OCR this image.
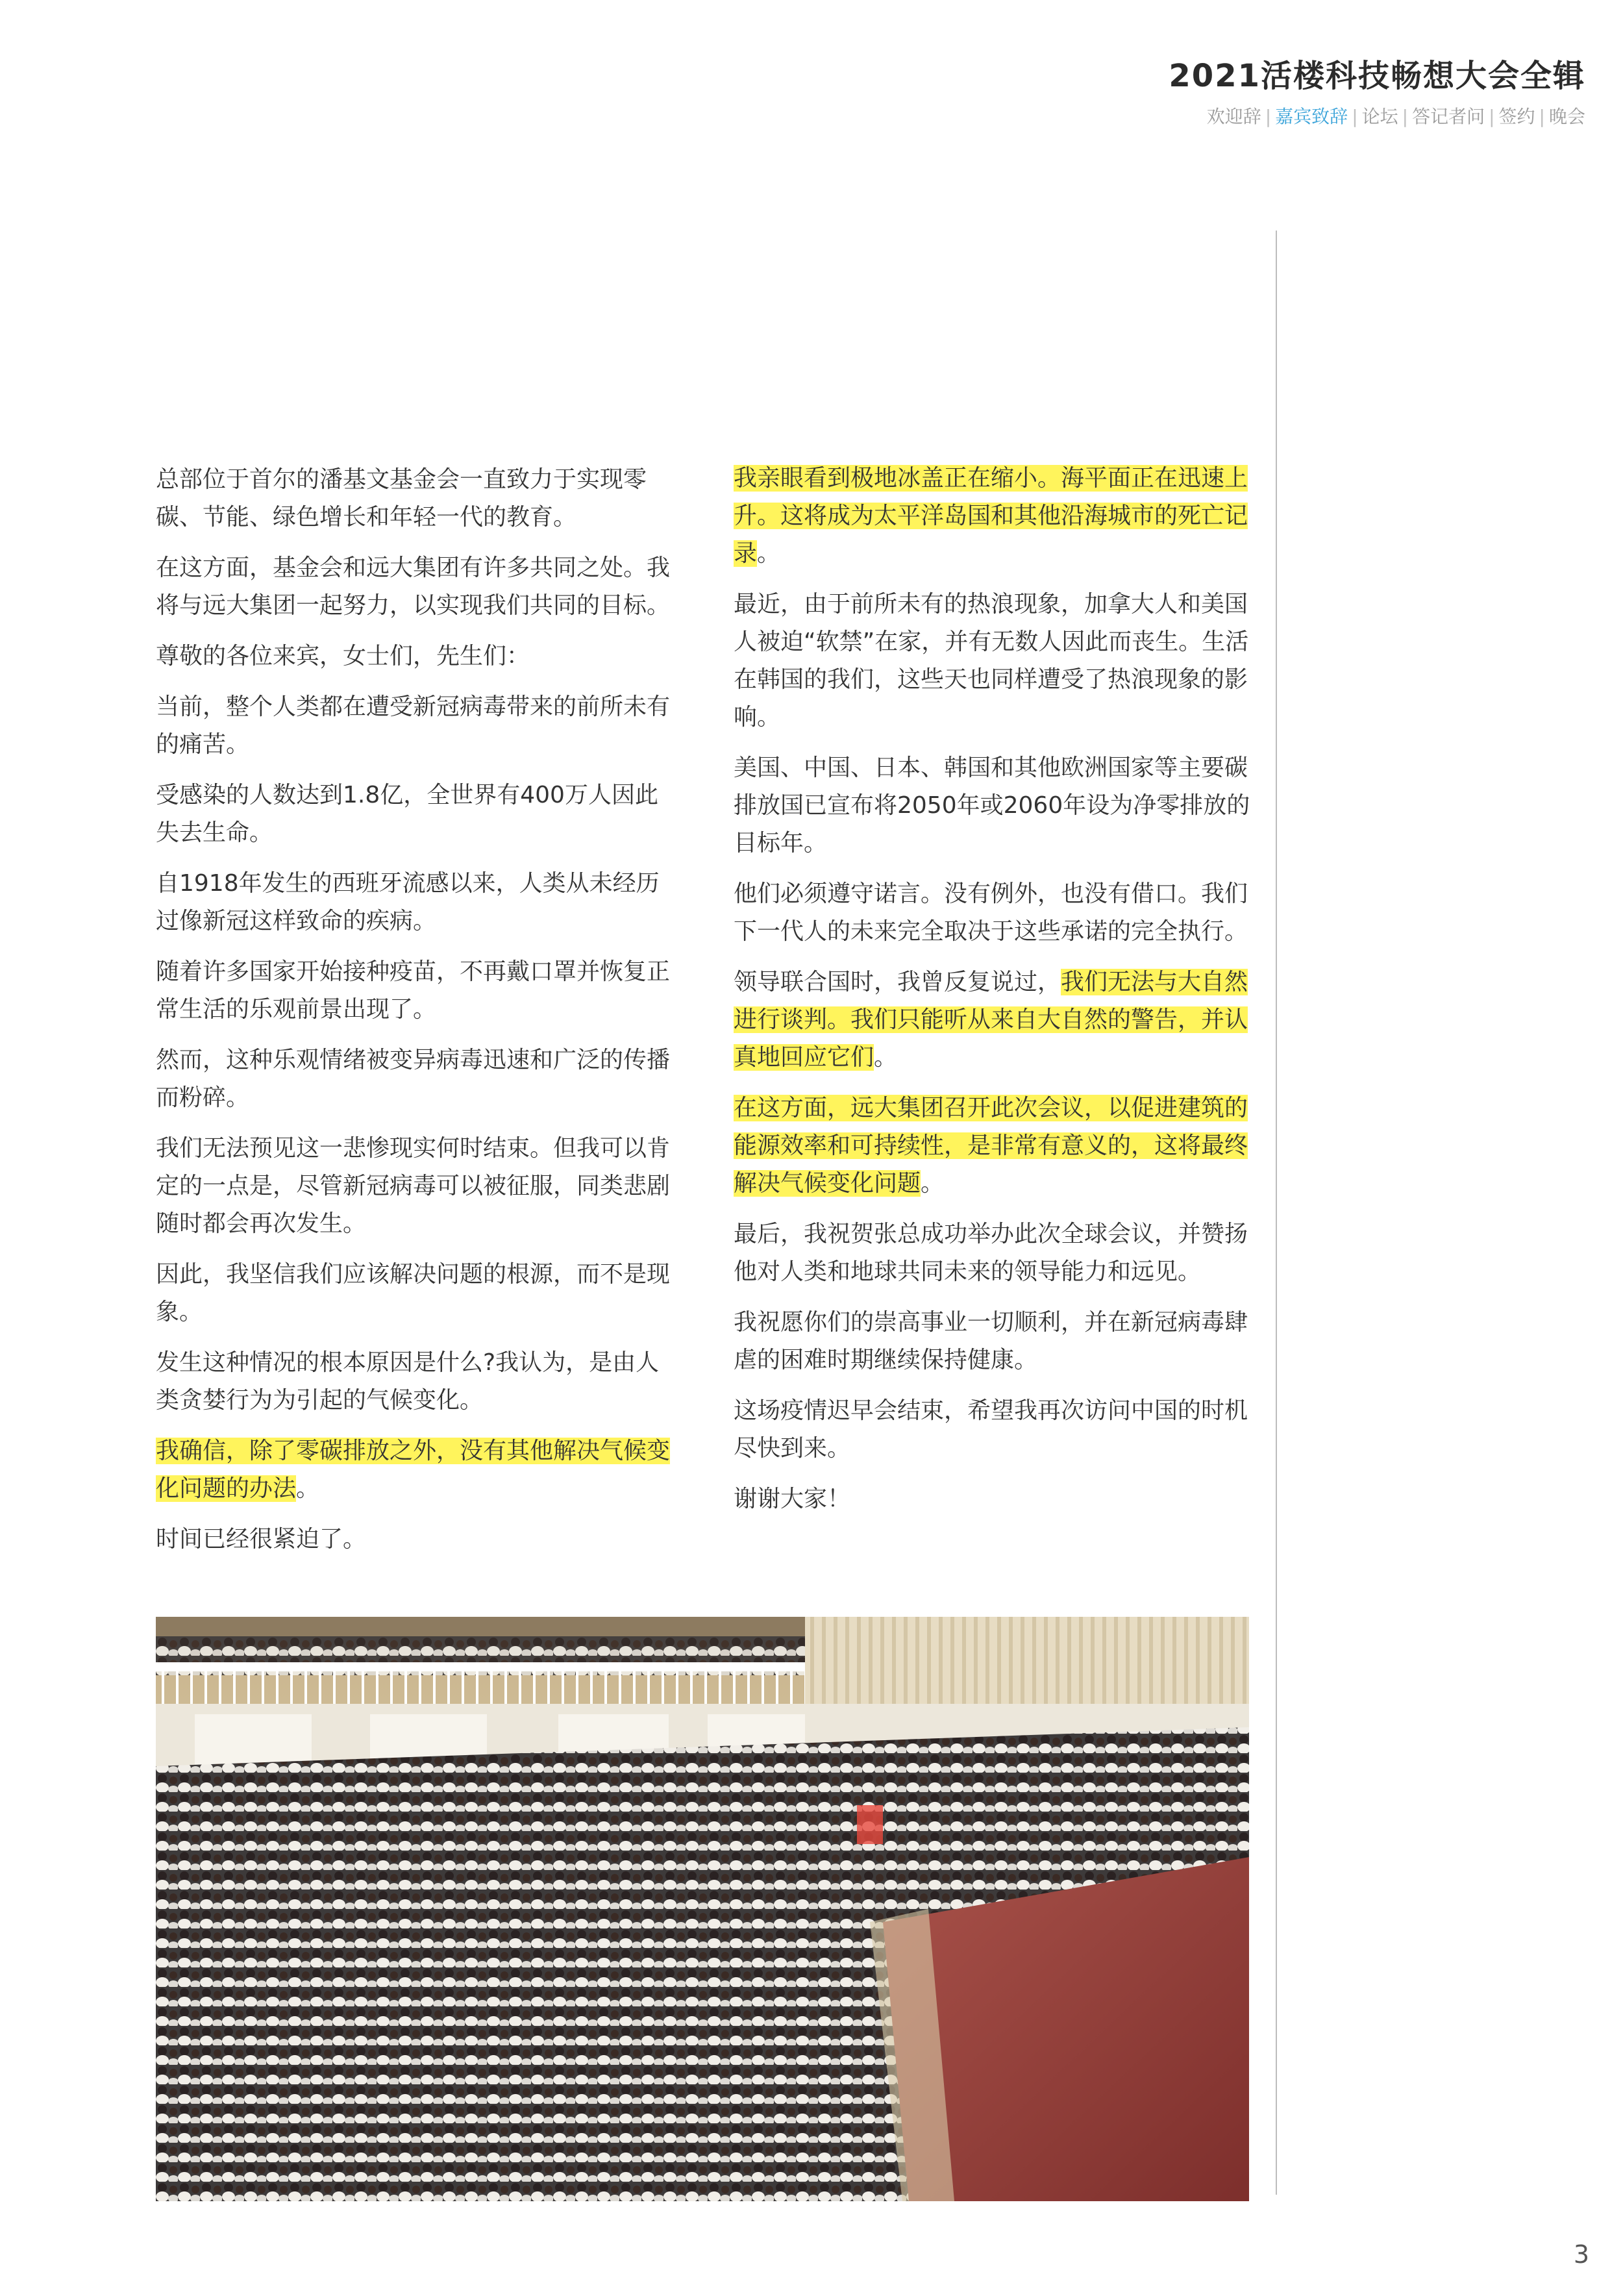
2021活楼科技畅想大会全辑
欢迎辞 | 嘉宾致辞 | 论坛 | 答记者问 | 签约 | 晚会

总部位于首尔的潘基文基金会一直致力于实现零碳、节能、绿色增长和年轻一代的教育。

在这方面，基金会和远大集团有许多共同之处。我将与远大集团一起努力，以实现我们共同的目标。

尊敬的各位来宾，女士们，先生们：

当前，整个人类都在遭受新冠病毒带来的前所未有的痛苦。

受感染的人数达到1.8亿，全世界有400万人因此失去生命。

自1918年发生的西班牙流感以来，人类从未经历过像新冠这样致命的疾病。

随着许多国家开始接种疫苗，不再戴口罩并恢复正常生活的乐观前景出现了。

然而，这种乐观情绪被变异病毒迅速和广泛的传播而粉碎。

我们无法预见这一悲惨现实何时结束。但我可以肯定的一点是，尽管新冠病毒可以被征服，同类悲剧随时都会再次发生。

因此，我坚信我们应该解决问题的根源，而不是现象。

发生这种情况的根本原因是什么?我认为，是由人类贪婪行为为引起的气候变化。

我确信，除了零碳排放之外，没有其他解决气候变化问题的办法。

时间已经很紧迫了。

我亲眼看到极地冰盖正在缩小。海平面正在迅速上升。这将成为太平洋岛国和其他沿海城市的死亡记录。

最近，由于前所未有的热浪现象，加拿大人和美国人被迫“软禁”在家，并有无数人因此而丧生。生活在韩国的我们，这些天也同样遭受了热浪现象的影响。

美国、中国、日本、韩国和其他欧洲国家等主要碳排放国已宣布将2050年或2060年设为净零排放的目标年。

他们必须遵守诺言。没有例外，也没有借口。我们下一代人的未来完全取决于这些承诺的完全执行。

领导联合国时，我曾反复说过，我们无法与大自然进行谈判。我们只能听从来自大自然的警告，并认真地回应它们。

在这方面，远大集团召开此次会议，以促进建筑的能源效率和可持续性，是非常有意义的，这将最终解决气候变化问题。

最后，我祝贺张总成功举办此次全球会议，并赞扬他对人类和地球共同未来的领导能力和远见。

我祝愿你们的崇高事业一切顺利，并在新冠病毒肆虐的困难时期继续保持健康。

这场疫情迟早会结束，希望我再次访问中国的时机尽快到来。

谢谢大家！

3
